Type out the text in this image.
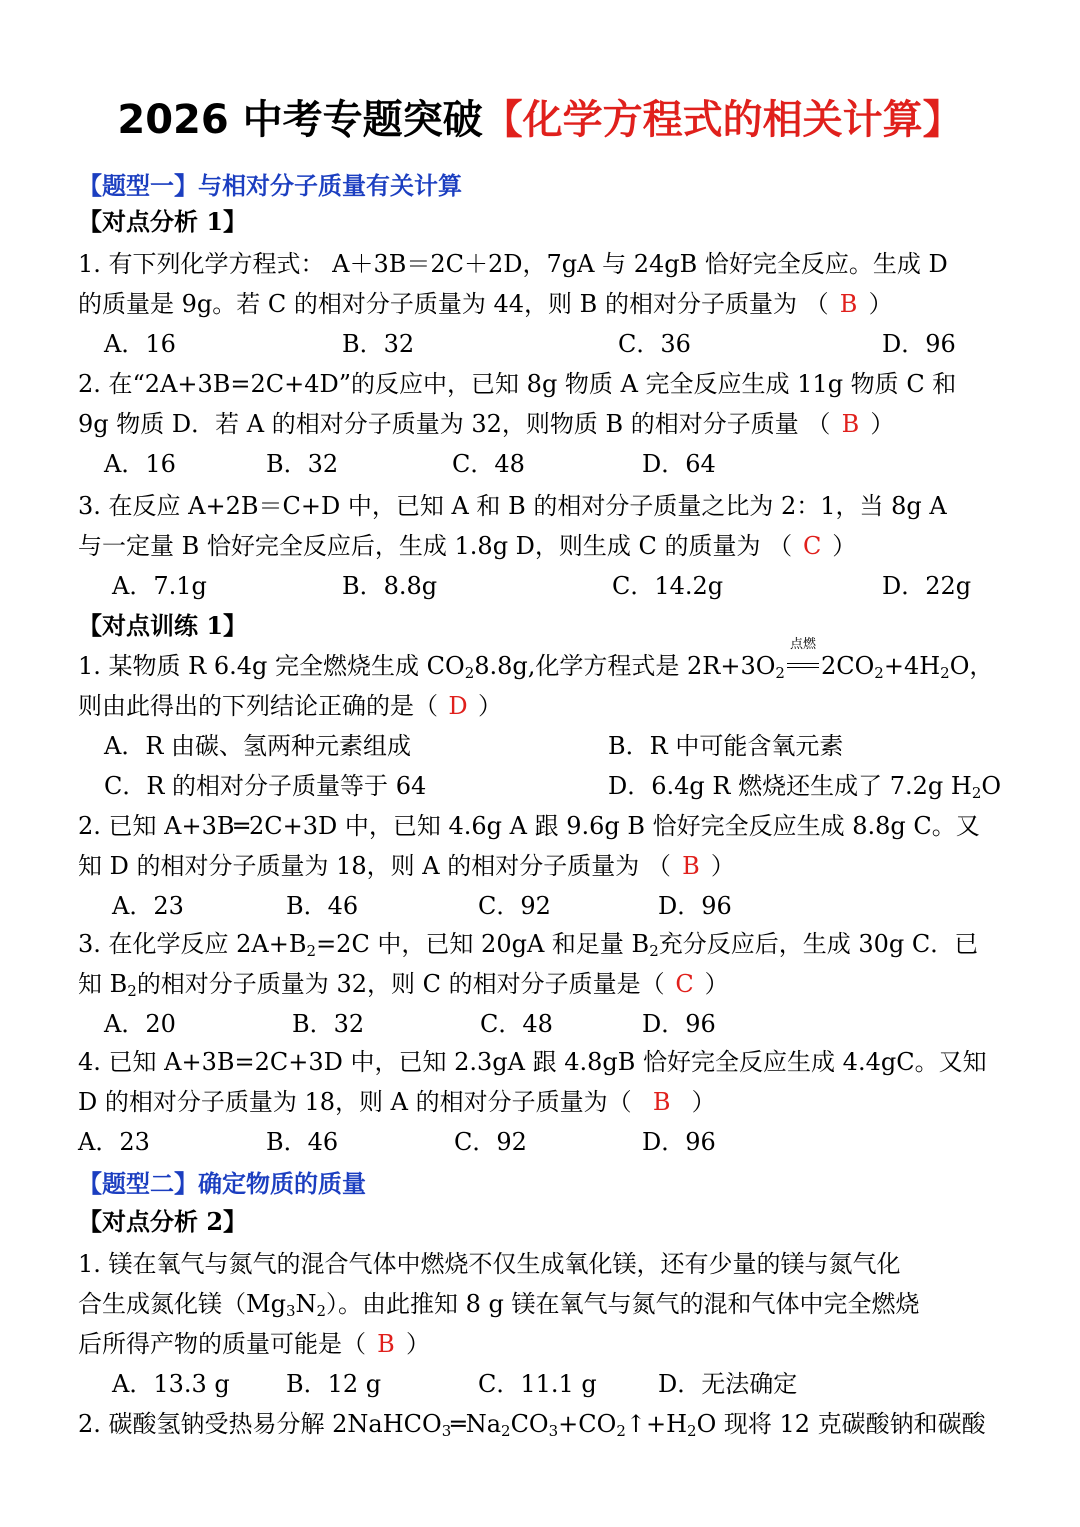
2026 中考专题突破【化学方程式的相关计算】
【题型一】与相对分子质量有关计算
【对点分析 1】
1. 有下列化学方程式： A＋3B＝2C＋2D，7gA 与 24gB 恰好完全反应。生成 D
的质量是 9g。若 C 的相对分子质量为 44，则 B 的相对分子质量为 （ B ）
A．16	B．32	C．36	D．96
2. 在“2A+3B=2C+4D”的反应中，已知 8g 物质 A 完全反应生成 11g 物质 C 和
9g 物质 D．若 A 的相对分子质量为 32，则物质 B 的相对分子质量 （ B ）
A．16	B．32	C．48	D．64
3. 在反应 A+2B＝C+D 中，已知 A 和 B 的相对分子质量之比为 2：1，当 8g A
与一定量 B 恰好完全反应后，生成 1.8g D，则生成 C 的质量为 （ C ）
A．7.1g	B．8.8g	C．14.2g	D．22g
【对点训练 1】
1. 某物质 R 6.4g 完全燃烧生成 $CO_28.8g$,化学方程式是 $2R+3O_2$
点燃
$2CO_2+4H_2O$，
则由此得出的下列结论正确的是（ D ）
A．R 由碳、氢两种元素组成	B．R 中可能含氧元素
C．R 的相对分子质量等于 64	D．6.4g R 燃烧还生成了 7.2g $H_2O$
2. 已知 A+3B═2C+3D 中，已知 4.6g A 跟 9.6g B 恰好完全反应生成 8.8g C。又
知 D 的相对分子质量为 18，则 A 的相对分子质量为 （ B ）
A．23	B．46	C．92	D．96
3. 在化学反应 $2A+B_2=2C$ 中，已知 20gA 和足量 $B_2$充分反应后，生成 30g C．已
知 $B_2$的相对分子质量为 32，则 C 的相对分子质量是（ C ）
A．20	B．32	C．48	D．96
4. 已知 A+3B=2C+3D 中，已知 2.3gA 跟 4.8gB 恰好完全反应生成 4.4gC。又知
D 的相对分子质量为 18，则 A 的相对分子质量为（ B ）
A．23	B．46	C．92	D．96
【题型二】确定物质的质量
【对点分析 2】
1. 镁在氧气与氮气的混合气体中燃烧不仅生成氧化镁，还有少量的镁与氮气化
合生成氮化镁$(Mg_3N_2)$。由此推知 8 g 镁在氧气与氮气的混和气体中完全燃烧
后所得产物的质量可能是（ B ）
A．13.3 g B．12 g	C．11.1 g	D．无法确定
2. 碳酸氢钠受热易分解 $2NaHCO_3═Na_2CO_3+CO_2↑+H_2O$ 现将 12 克碳酸钠和碳酸
